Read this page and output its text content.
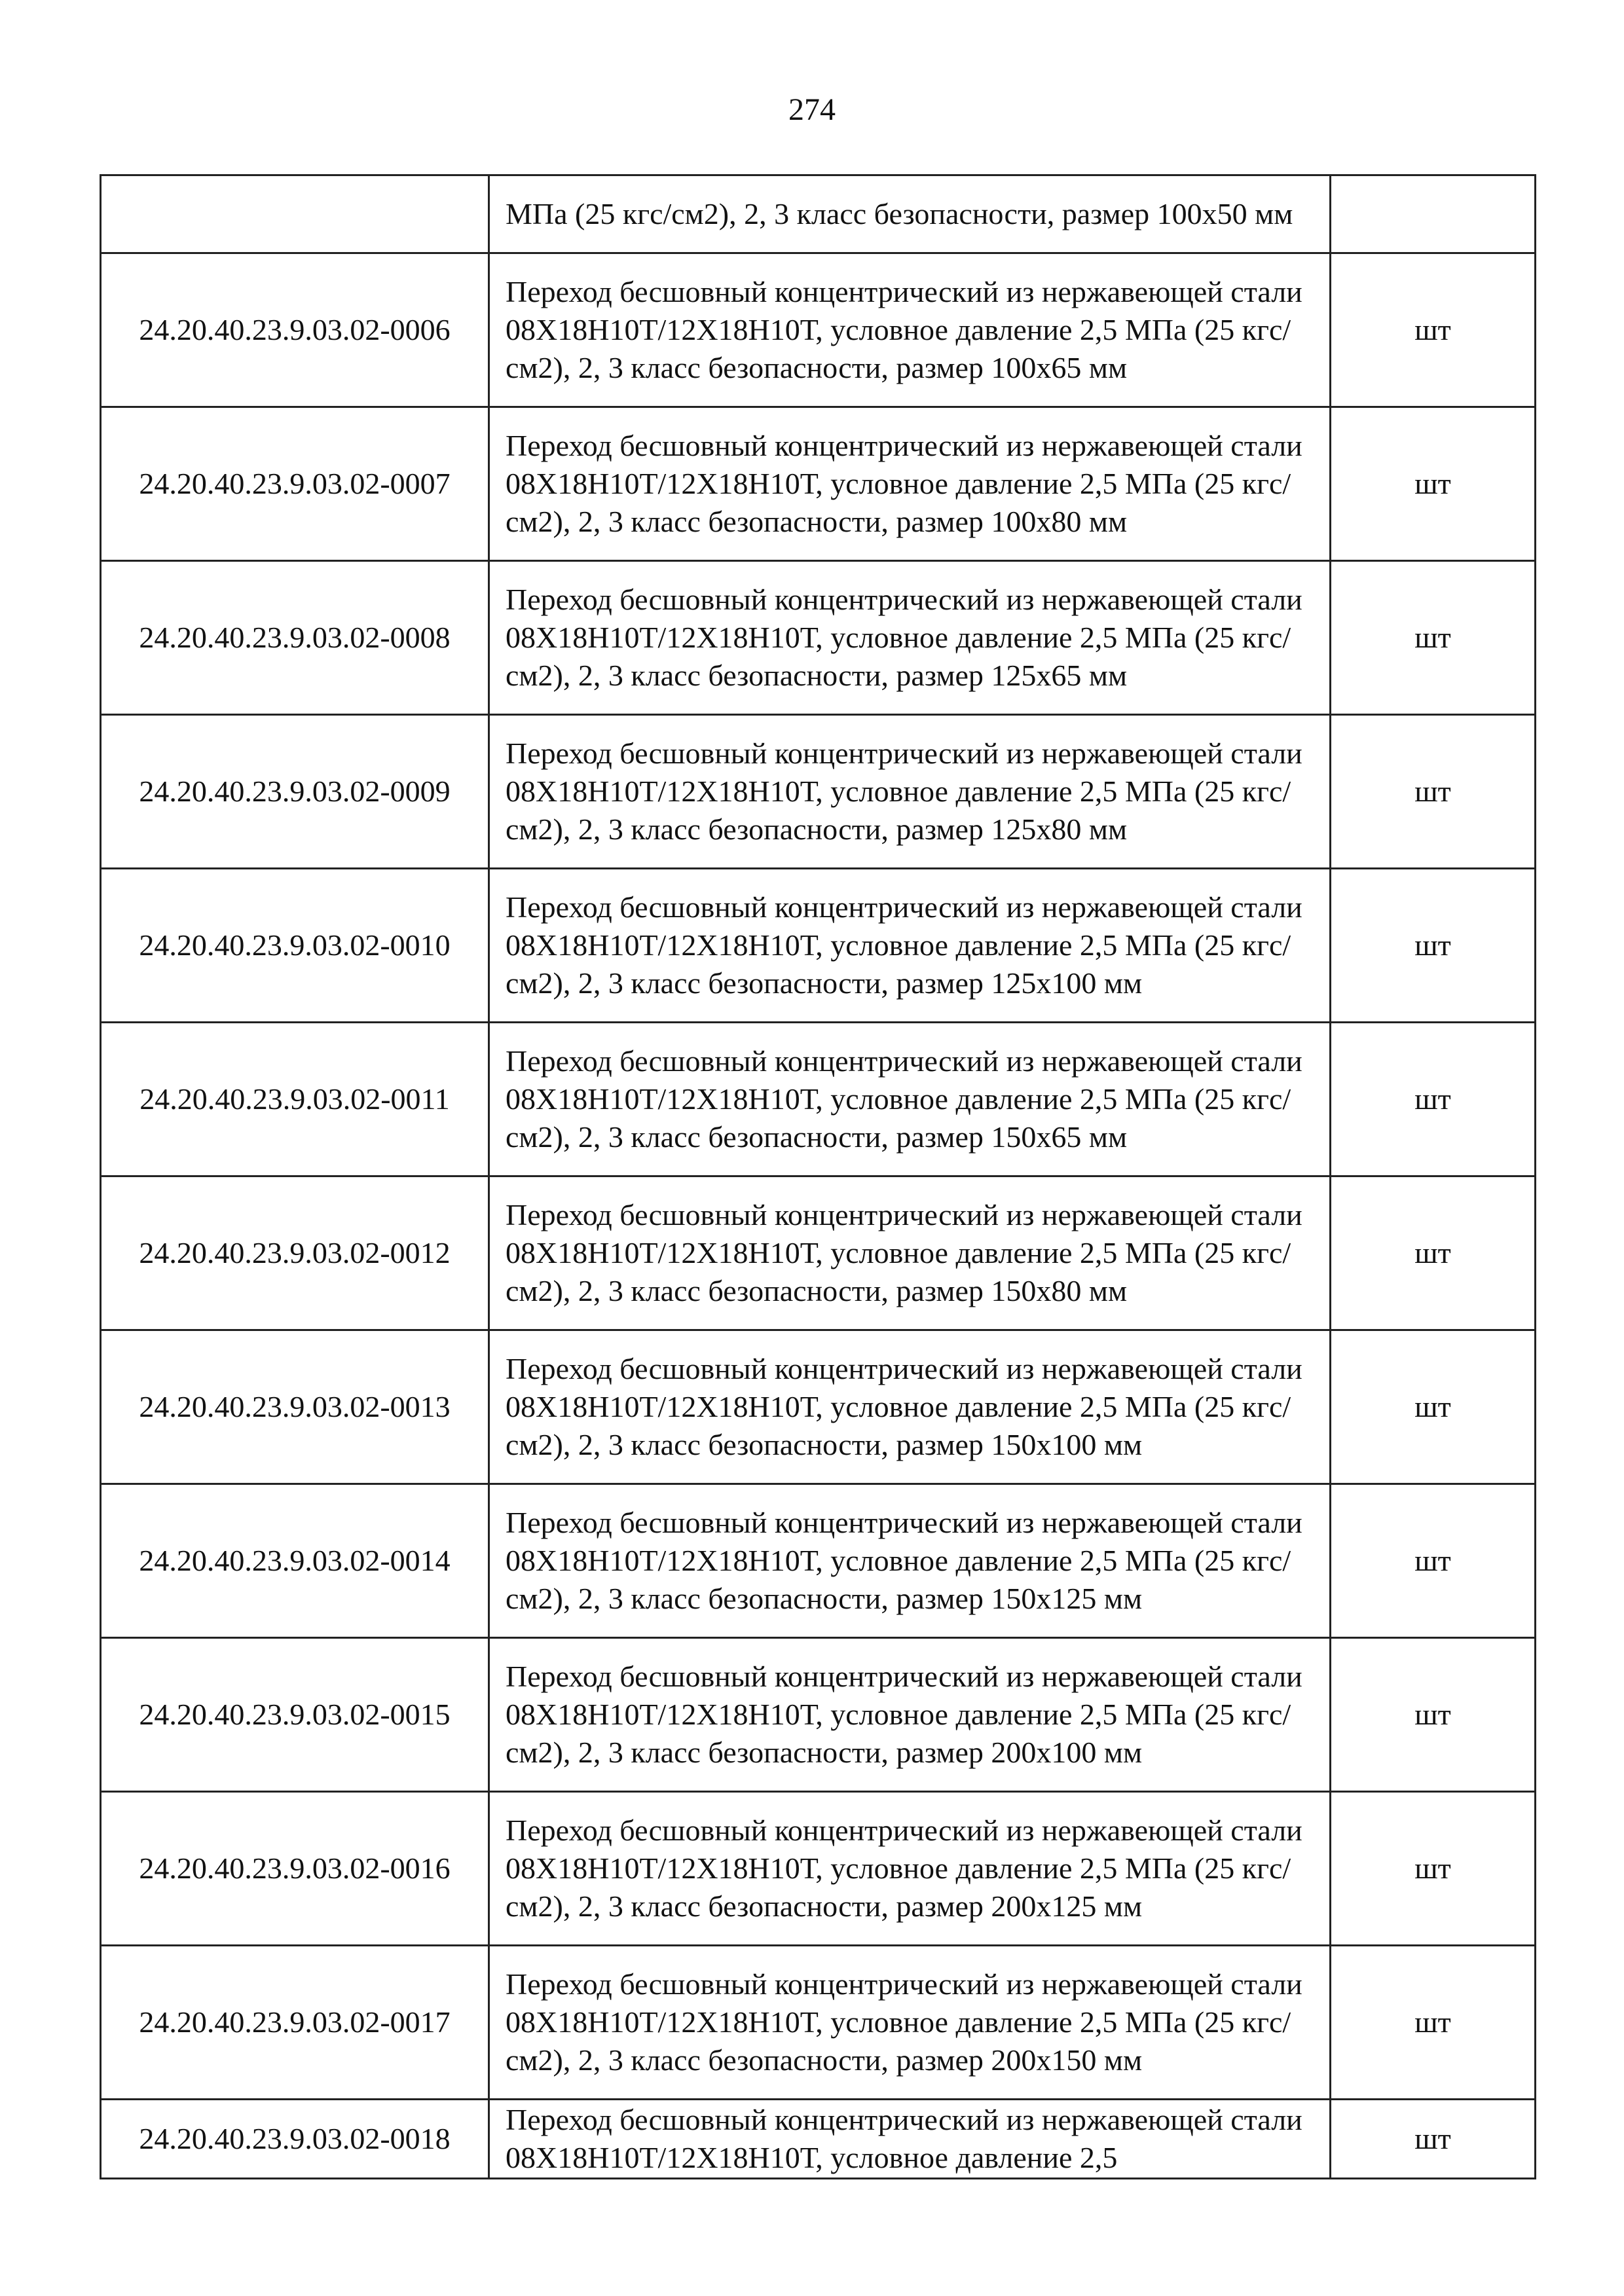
274
	МПа (25 кгс/см2), 2, 3 класс безопасности, размер 100х50 мм	
24.20.40.23.9.03.02-0006	Переход бесшовный концентрический из нержавеющей стали 08Х18Н10Т/12Х18Н10Т, условное давление 2,5 МПа (25 кгс/см2), 2, 3 класс безопасности, размер 100х65 мм	шт
24.20.40.23.9.03.02-0007	Переход бесшовный концентрический из нержавеющей стали 08Х18Н10Т/12Х18Н10Т, условное давление 2,5 МПа (25 кгс/см2), 2, 3 класс безопасности, размер 100х80 мм	шт
24.20.40.23.9.03.02-0008	Переход бесшовный концентрический из нержавеющей стали 08Х18Н10Т/12Х18Н10Т, условное давление 2,5 МПа (25 кгс/см2), 2, 3 класс безопасности, размер 125х65 мм	шт
24.20.40.23.9.03.02-0009	Переход бесшовный концентрический из нержавеющей стали 08Х18Н10Т/12Х18Н10Т, условное давление 2,5 МПа (25 кгс/см2), 2, 3 класс безопасности, размер 125х80 мм	шт
24.20.40.23.9.03.02-0010	Переход бесшовный концентрический из нержавеющей стали 08Х18Н10Т/12Х18Н10Т, условное давление 2,5 МПа (25 кгс/см2), 2, 3 класс безопасности, размер 125х100 мм	шт
24.20.40.23.9.03.02-0011	Переход бесшовный концентрический из нержавеющей стали 08Х18Н10Т/12Х18Н10Т, условное давление 2,5 МПа (25 кгс/см2), 2, 3 класс безопасности, размер 150х65 мм	шт
24.20.40.23.9.03.02-0012	Переход бесшовный концентрический из нержавеющей стали 08Х18Н10Т/12Х18Н10Т, условное давление 2,5 МПа (25 кгс/см2), 2, 3 класс безопасности, размер 150х80 мм	шт
24.20.40.23.9.03.02-0013	Переход бесшовный концентрический из нержавеющей стали 08Х18Н10Т/12Х18Н10Т, условное давление 2,5 МПа (25 кгс/см2), 2, 3 класс безопасности, размер 150х100 мм	шт
24.20.40.23.9.03.02-0014	Переход бесшовный концентрический из нержавеющей стали 08Х18Н10Т/12Х18Н10Т, условное давление 2,5 МПа (25 кгс/см2), 2, 3 класс безопасности, размер 150х125 мм	шт
24.20.40.23.9.03.02-0015	Переход бесшовный концентрический из нержавеющей стали 08Х18Н10Т/12Х18Н10Т, условное давление 2,5 МПа (25 кгс/см2), 2, 3 класс безопасности, размер 200х100 мм	шт
24.20.40.23.9.03.02-0016	Переход бесшовный концентрический из нержавеющей стали 08Х18Н10Т/12Х18Н10Т, условное давление 2,5 МПа (25 кгс/см2), 2, 3 класс безопасности, размер 200х125 мм	шт
24.20.40.23.9.03.02-0017	Переход бесшовный концентрический из нержавеющей стали 08Х18Н10Т/12Х18Н10Т, условное давление 2,5 МПа (25 кгс/см2), 2, 3 класс безопасности, размер 200х150 мм	шт
24.20.40.23.9.03.02-0018	Переход бесшовный концентрический из нержавеющей стали 08Х18Н10Т/12Х18Н10Т, условное давление 2,5	шт
